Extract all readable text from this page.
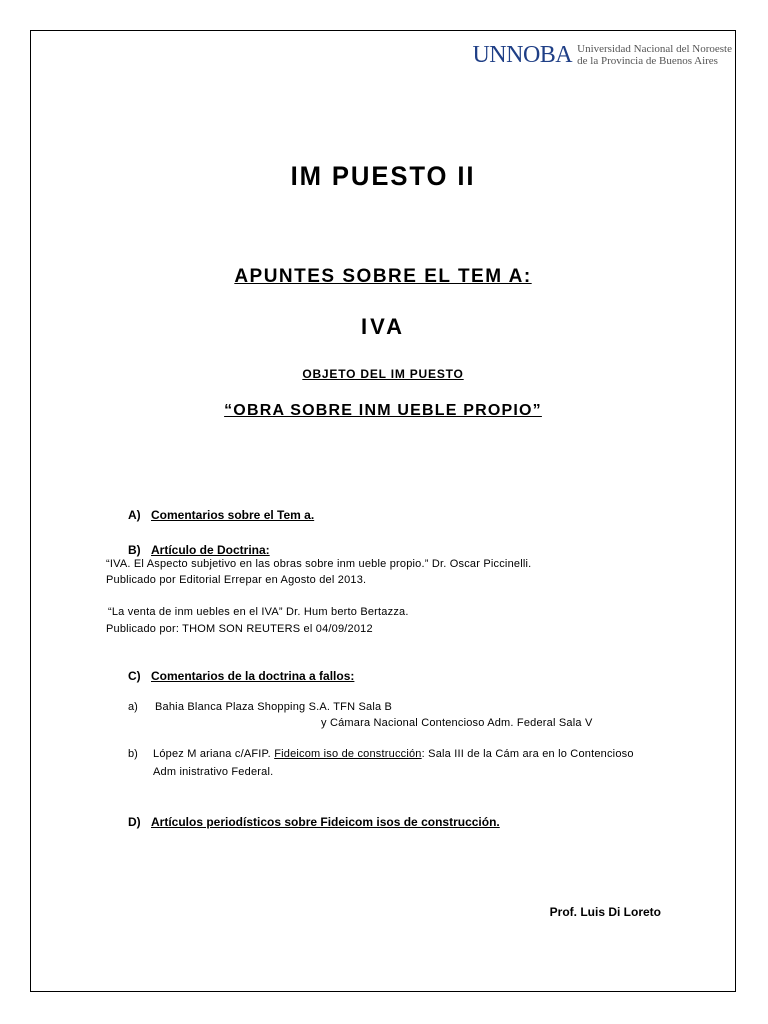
UNNOBA Universidad Nacional del Noroeste
de la Provincia de Buenos Aires
IM PUESTO II
APUNTES SOBRE EL TEM A:
IVA
OBJETO DEL IM PUESTO
“OBRA SOBRE INM UEBLE PROPIO”
A) Comentarios sobre el Tem a.
B) Artículo de Doctrina:
“IVA. El Aspecto subjetivo en las obras sobre inm ueble propio.” Dr. Oscar Piccinelli.
Publicado por Editorial Errepar en Agosto del 2013.
“La venta de inm uebles en el IVA” Dr. Hum berto Bertazza.
Publicado por: THOM SON REUTERS el 04/09/2012
C) Comentarios de la doctrina a fallos:
a) Bahia Blanca Plaza Shopping S.A. TFN Sala B
y Cámara Nacional Contencioso Adm. Federal Sala V
b) López M ariana c/AFIP. Fideicom iso de construcción: Sala III de la Cám ara en lo Contencioso
Adm inistrativo Federal.
D) Artículos periodísticos sobre Fideicom isos de construcción.
Prof. Luis Di Loreto
